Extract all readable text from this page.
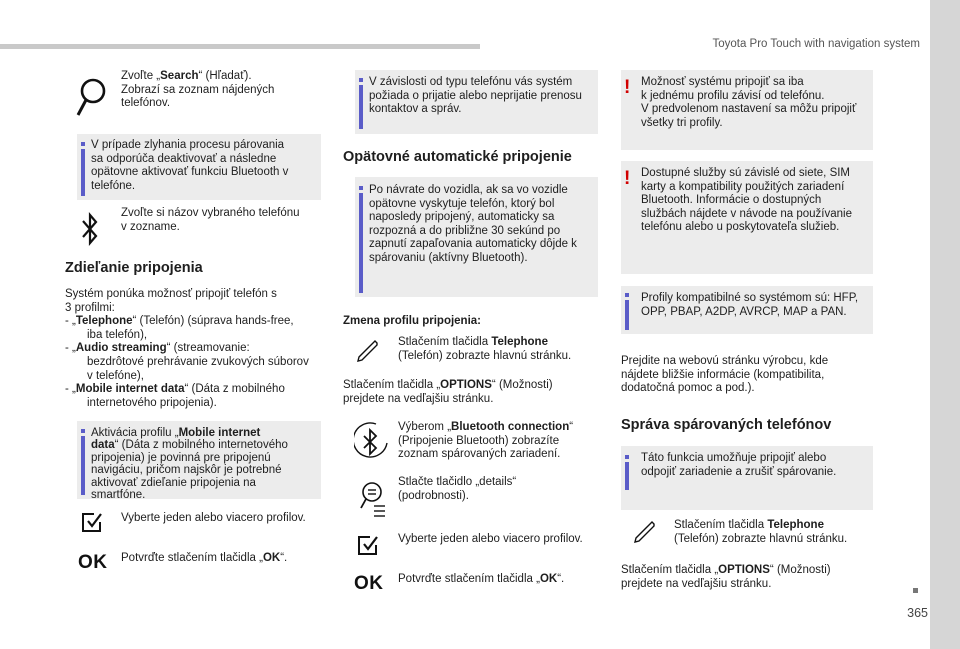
Toyota Pro Touch with navigation system
365
Zvoľte „Search“ (Hľadať).
Zobrazí sa zoznam nájdených
telefónov.
V prípade zlyhania procesu párovania
sa odporúča deaktivovať a následne
opätovne aktivovať funkciu Bluetooth v
telefóne.
Zvoľte si názov vybraného telefónu
v zozname.
Zdieľanie pripojenia
Systém ponúka možnosť pripojiť telefón s
3 profilmi:
- „Telephone“ (Telefón) (súprava hands-free,
iba telefón),
- „Audio streaming“ (streamovanie:
bezdrôtové prehrávanie zvukových súborov
v telefóne),
- „Mobile internet data“ (Dáta z mobilného
internetového pripojenia).
Aktivácia profilu „Mobile internet
data“ (Dáta z mobilného internetového
pripojenia) je povinná pre pripojenú
navigáciu, pričom najskôr je potrebné
aktivovať zdieľanie pripojenia na
smartfóne.
Vyberte jeden alebo viacero profilov.
OK Potvrďte stlačením tlačidla „OK“.
V závislosti od typu telefónu vás systém
požiada o prijatie alebo neprijatie prenosu
kontaktov a správ.
Opätovné automatické pripojenie
Po návrate do vozidla, ak sa vo vozidle
opätovne vyskytuje telefón, ktorý bol
naposledy pripojený, automaticky sa
rozpozná a do približne 30 sekúnd po
zapnutí zapaľovania automaticky dôjde k
spárovaniu (aktívny Bluetooth).
Zmena profilu pripojenia:
Stlačením tlačidla Telephone
(Telefón) zobrazte hlavnú stránku.
Stlačením tlačidla „OPTIONS“ (Možnosti)
prejdete na vedľajšiu stránku.
Výberom „Bluetooth connection“
(Pripojenie Bluetooth) zobrazíte
zoznam spárovaných zariadení.
Stlačte tlačidlo „details“
(podrobnosti).
Vyberte jeden alebo viacero profilov.
OK Potvrďte stlačením tlačidla „OK“.
! Možnosť systému pripojiť sa iba
k jednému profilu závisí od telefónu.
V predvolenom nastavení sa môžu pripojiť
všetky tri profily.
! Dostupné služby sú závislé od siete, SIM
karty a kompatibility použitých zariadení
Bluetooth. Informácie o dostupných
službách nájdete v návode na používanie
telefónu alebo u poskytovateľa služieb.
Profily kompatibilné so systémom sú: HFP,
OPP, PBAP, A2DP, AVRCP, MAP a PAN.
Prejdite na webovú stránku výrobcu, kde
nájdete bližšie informácie (kompatibilita,
dodatočná pomoc a pod.).
Správa spárovaných telefónov
Táto funkcia umožňuje pripojiť alebo
odpojiť zariadenie a zrušiť spárovanie.
Stlačením tlačidla Telephone
(Telefón) zobrazte hlavnú stránku.
Stlačením tlačidla „OPTIONS“ (Možnosti)
prejdete na vedľajšiu stránku.
